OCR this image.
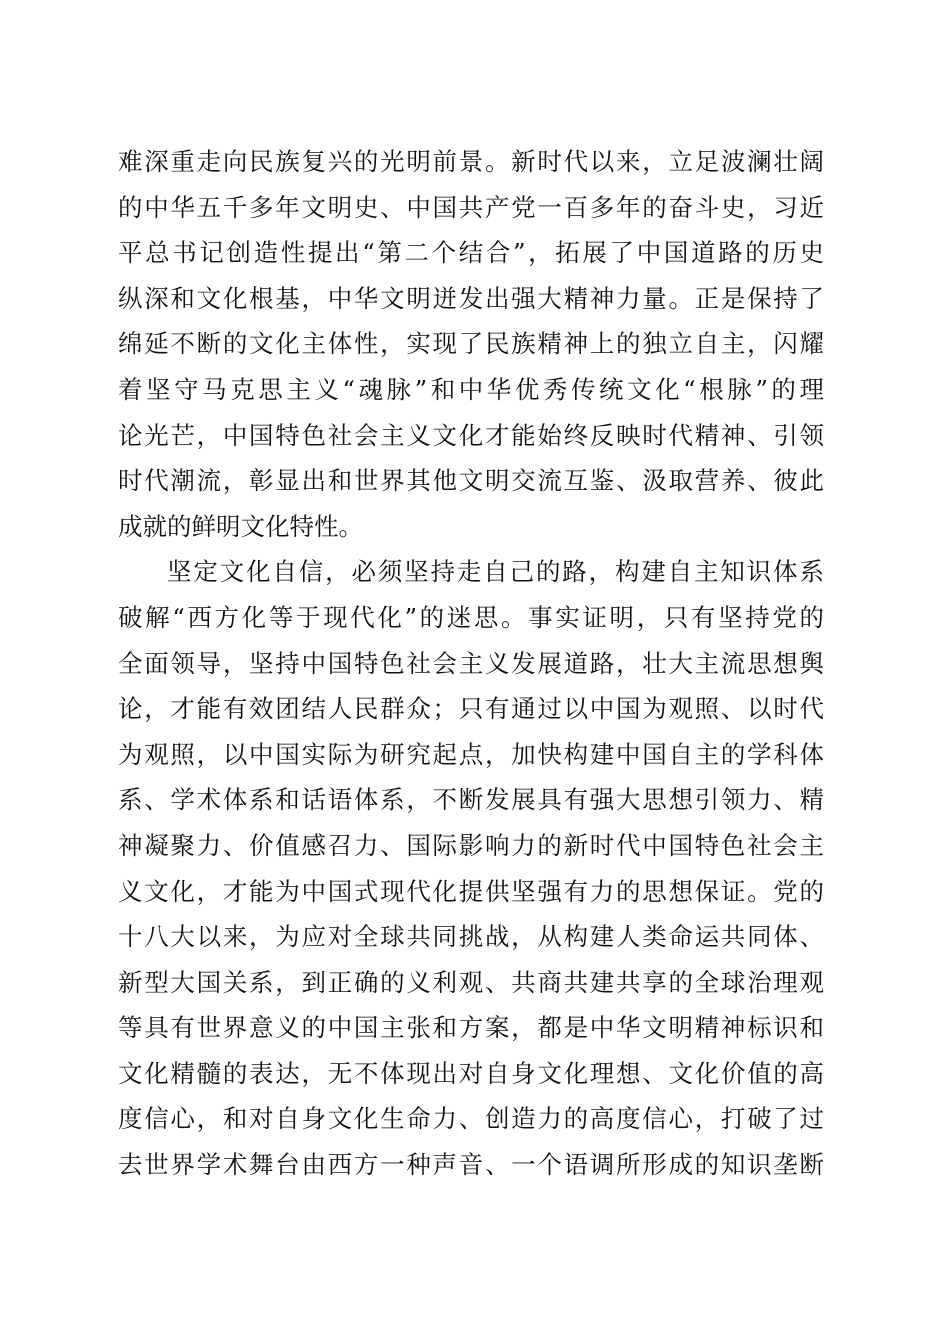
难深重走向民族复兴的光明前景。新时代以来，立足波澜壮阔
的中华五千多年文明史、中国共产党一百多年的奋斗史，习近
平总书记创造性提出“第二个结合”，拓展了中国道路的历史
纵深和文化根基，中华文明迸发出强大精神力量。正是保持了
绵延不断的文化主体性，实现了民族精神上的独立自主，闪耀
着坚守马克思主义“魂脉”和中华优秀传统文化“根脉”的理
论光芒，中国特色社会主义文化才能始终反映时代精神、引领
时代潮流，彰显出和世界其他文明交流互鉴、汲取营养、彼此
成就的鲜明文化特性。
坚定文化自信，必须坚持走自己的路，构建自主知识体系
破解“西方化等于现代化”的迷思。事实证明，只有坚持党的
全面领导，坚持中国特色社会主义发展道路，壮大主流思想舆
论，才能有效团结人民群众；只有通过以中国为观照、以时代
为观照，以中国实际为研究起点，加快构建中国自主的学科体
系、学术体系和话语体系，不断发展具有强大思想引领力、精
神凝聚力、价值感召力、国际影响力的新时代中国特色社会主
义文化，才能为中国式现代化提供坚强有力的思想保证。党的
十八大以来，为应对全球共同挑战，从构建人类命运共同体、
新型大国关系，到正确的义利观、共商共建共享的全球治理观
等具有世界意义的中国主张和方案，都是中华文明精神标识和
文化精髓的表达，无不体现出对自身文化理想、文化价值的高
度信心，和对自身文化生命力、创造力的高度信心，打破了过
去世界学术舞台由西方一种声音、一个语调所形成的知识垄断
